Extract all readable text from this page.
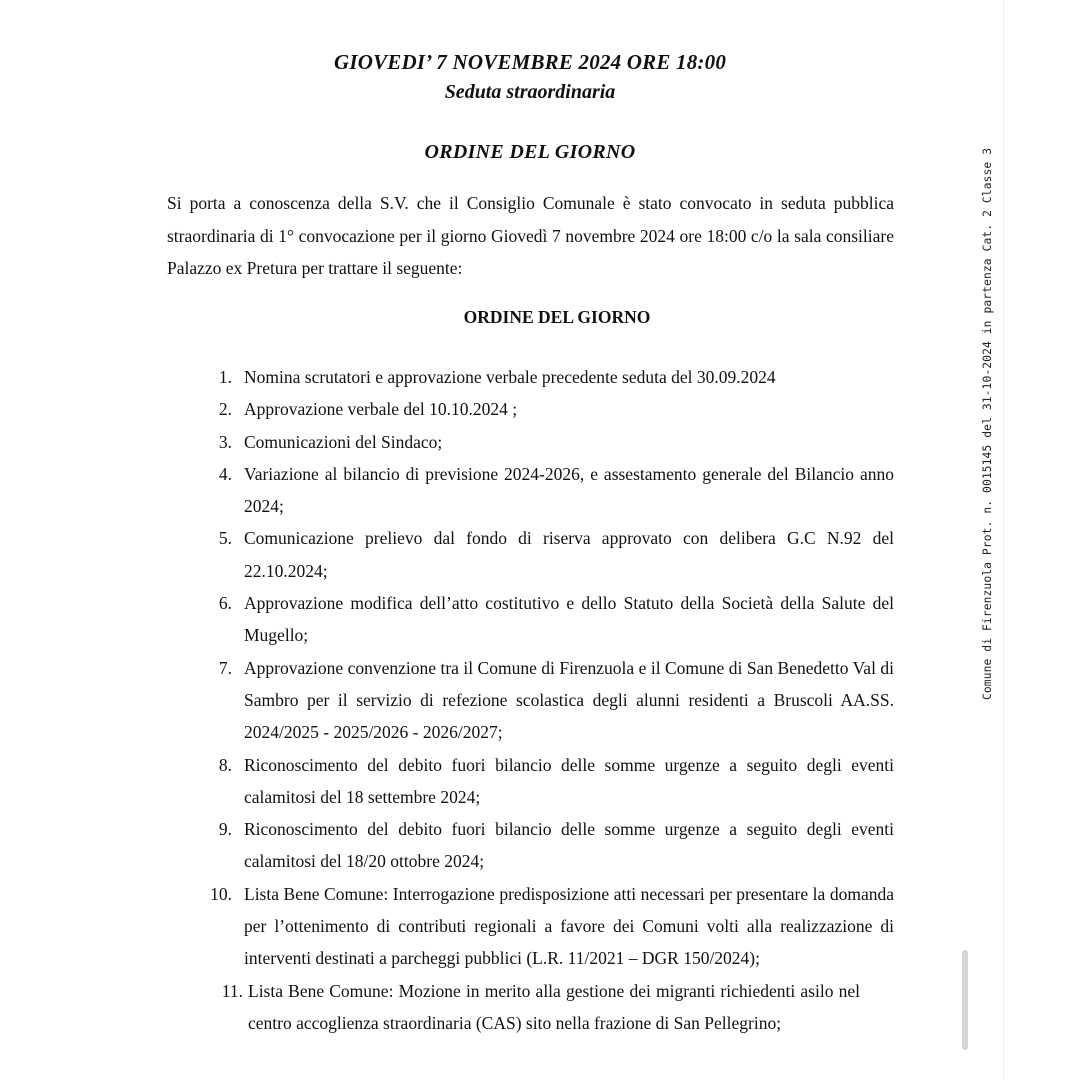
GIOVEDI’ 7 NOVEMBRE 2024 ORE 18:00
Seduta straordinaria
ORDINE DEL GIORNO

Si porta a conoscenza della S.V. che il Consiglio Comunale è stato convocato in seduta pubblica straordinaria di 1° convocazione per il giorno Giovedì 7 novembre 2024 ore 18:00 c/o la sala consiliare Palazzo ex Pretura per trattare il seguente:

ORDINE DEL GIORNO
1. Nomina scrutatori e approvazione verbale precedente seduta del 30.09.2024
2. Approvazione verbale del 10.10.2024 ;
3. Comunicazioni del Sindaco;
4. Variazione al bilancio di previsione 2024-2026, e assestamento generale del Bilancio anno 2024;
5. Comunicazione prelievo dal fondo di riserva approvato con delibera G.C N.92 del 22.10.2024;
6. Approvazione modifica dell’atto costitutivo e dello Statuto della Società della Salute del Mugello;
7. Approvazione convenzione tra il Comune di Firenzuola e il Comune di San Benedetto Val di Sambro per il servizio di refezione scolastica degli alunni residenti a Bruscoli AA.SS. 2024/2025 - 2025/2026 - 2026/2027;
8. Riconoscimento del debito fuori bilancio delle somme urgenze a seguito degli eventi calamitosi del 18 settembre 2024;
9. Riconoscimento del debito fuori bilancio delle somme urgenze a seguito degli eventi calamitosi del 18/20 ottobre 2024;
10. Lista Bene Comune: Interrogazione predisposizione atti necessari per presentare la domanda per l’ottenimento di contributi regionali a favore dei Comuni volti alla realizzazione di interventi destinati a parcheggi pubblici (L.R. 11/2021 – DGR 150/2024);
11. Lista Bene Comune: Mozione in merito alla gestione dei migranti richiedenti asilo nel centro accoglienza straordinaria (CAS) sito nella frazione di San Pellegrino;
Comune di Firenzuola Prot. n. 0015145 del 31-10-2024 in partenza Cat. 2 Classe 3
